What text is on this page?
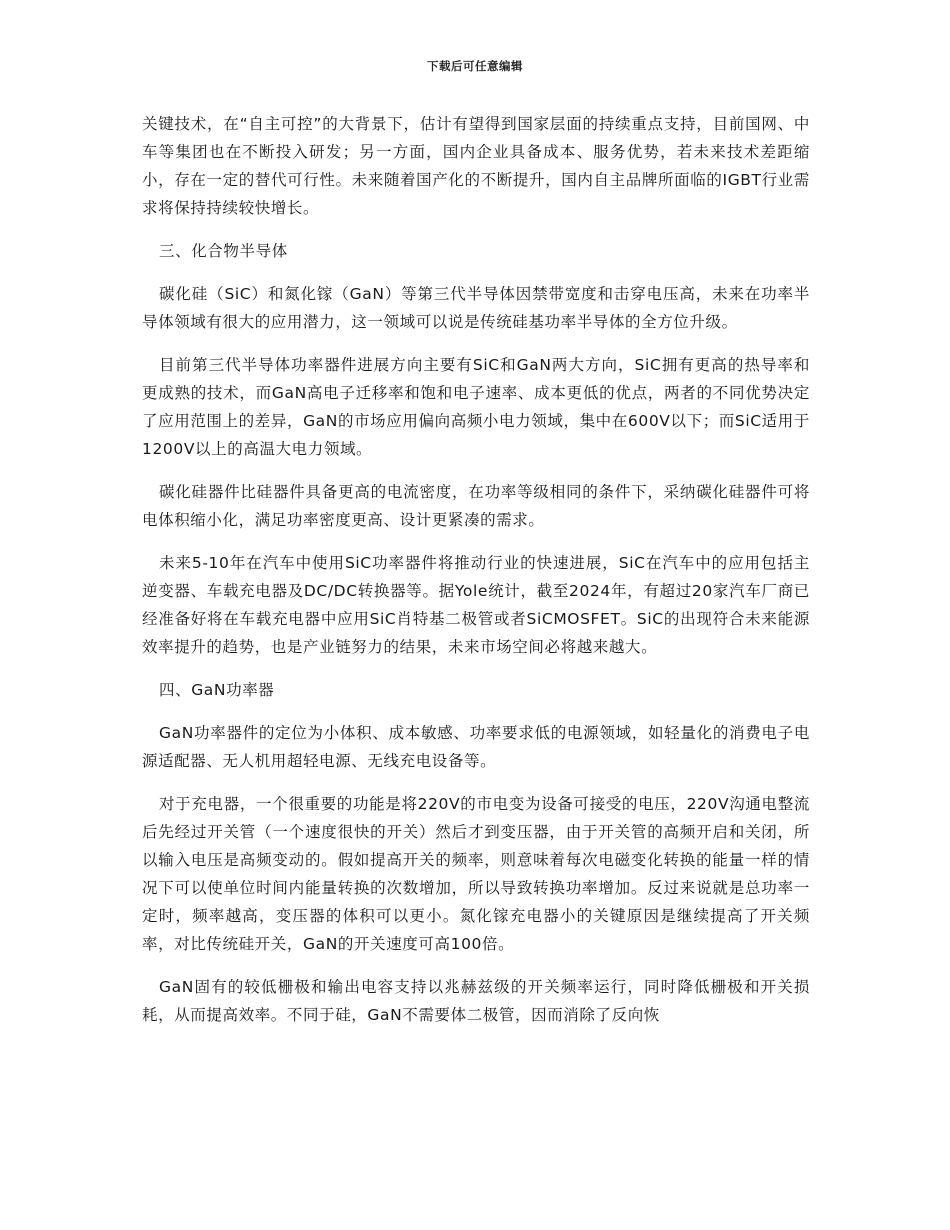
下载后可任意编辑

关键技术，在“自主可控”的大背景下，估计有望得到国家层面的持续重点支持，目前国网、中车等集团也在不断投入研发；另一方面，国内企业具备成本、服务优势，若未来技术差距缩小，存在一定的替代可行性。未来随着国产化的不断提升，国内自主品牌所面临的IGBT行业需求将保持持续较快增长。

三、化合物半导体

碳化硅（SiC）和氮化镓（GaN）等第三代半导体因禁带宽度和击穿电压高，未来在功率半导体领域有很大的应用潜力，这一领域可以说是传统硅基功率半导体的全方位升级。

目前第三代半导体功率器件进展方向主要有SiC和GaN两大方向，SiC拥有更高的热导率和更成熟的技术，而GaN高电子迁移率和饱和电子速率、成本更低的优点，两者的不同优势决定了应用范围上的差异，GaN的市场应用偏向高频小电力领域，集中在600V以下；而SiC适用于1200V以上的高温大电力领域。

碳化硅器件比硅器件具备更高的电流密度，在功率等级相同的条件下，采纳碳化硅器件可将电体积缩小化，满足功率密度更高、设计更紧凑的需求。

未来5-10年在汽车中使用SiC功率器件将推动行业的快速进展，SiC在汽车中的应用包括主逆变器、车载充电器及DC/DC转换器等。据Yole统计，截至2024年，有超过20家汽车厂商已经准备好将在车载充电器中应用SiC肖特基二极管或者SiCMOSFET。SiC的出现符合未来能源效率提升的趋势，也是产业链努力的结果，未来市场空间必将越来越大。

四、GaN功率器

GaN功率器件的定位为小体积、成本敏感、功率要求低的电源领域，如轻量化的消费电子电源适配器、无人机用超轻电源、无线充电设备等。

对于充电器，一个很重要的功能是将220V的市电变为设备可接受的电压，220V沟通电整流后先经过开关管（一个速度很快的开关）然后才到变压器，由于开关管的高频开启和关闭，所以输入电压是高频变动的。假如提高开关的频率，则意味着每次电磁变化转换的能量一样的情况下可以使单位时间内能量转换的次数增加，所以导致转换功率增加。反过来说就是总功率一定时，频率越高，变压器的体积可以更小。氮化镓充电器小的关键原因是继续提高了开关频率，对比传统硅开关，GaN的开关速度可高100倍。

GaN固有的较低栅极和输出电容支持以兆赫兹级的开关频率运行，同时降低栅极和开关损耗，从而提高效率。不同于硅，GaN不需要体二极管，因而消除了反向恢
